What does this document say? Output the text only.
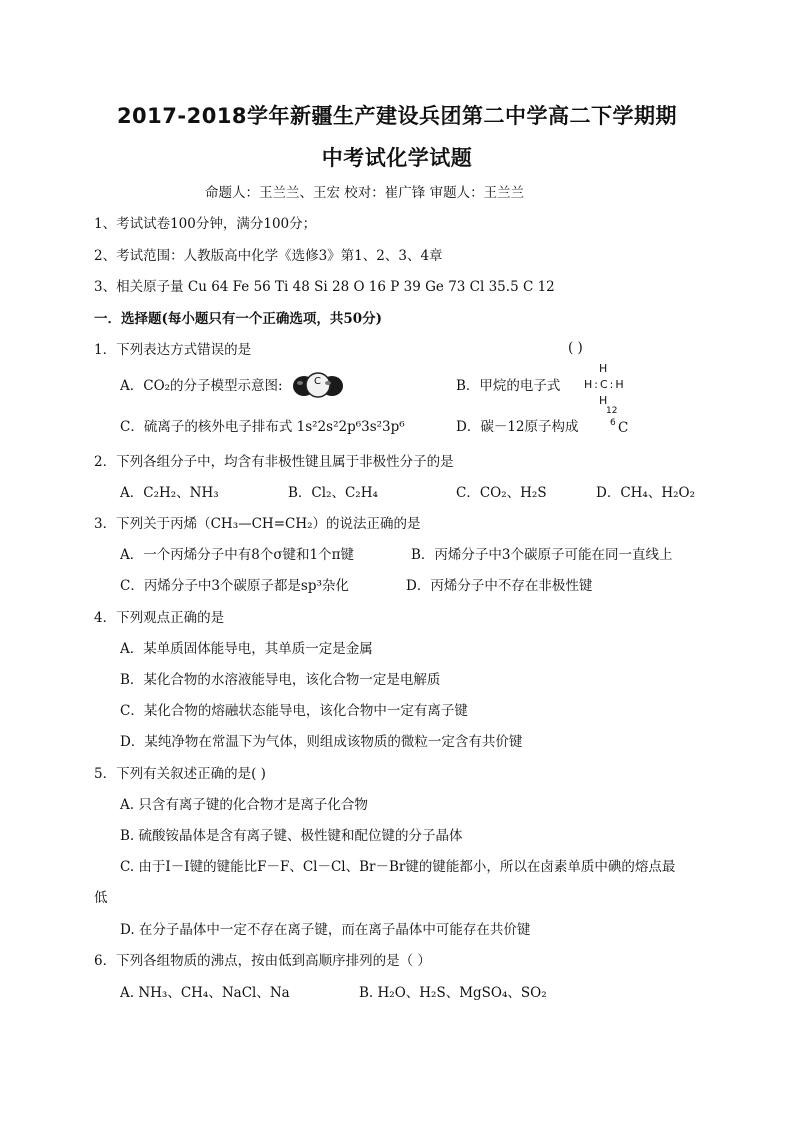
2017-2018学年新疆生产建设兵团第二中学高二下学期期
中考试化学试题
命题人：王兰兰、王宏 校对：崔广锋 审题人：王兰兰
1、考试试卷100分钟，满分100分；
2、考试范围：人教版高中化学《选修3》第1、2、3、4章
3、相关原子量 Cu 64 Fe 56 Ti 48 Si 28 O 16 P 39 Ge 73 Cl 35.5 C 12
一．选择题(每小题只有一个正确选项，共50分)
1．下列表达方式错误的是	( )
A．CO₂的分子模型示意图:	C	B．甲烷的电子式
H
H:C:H
H
C．硫离子的核外电子排布式 1s²2s²2p⁶3s²3p⁶	D．碳－12原子构成
12
6 C
2．下列各组分子中，均含有非极性键且属于非极性分子的是
A．C₂H₂、NH₃	B．Cl₂、C₂H₄	C．CO₂、H₂S	D．CH₄、H₂O₂
3．下列关于丙烯（CH₃—CH=CH₂）的说法正确的是
A．一个丙烯分子中有8个σ键和1个π键	B．丙烯分子中3个碳原子可能在同一直线上
C．丙烯分子中3个碳原子都是sp³杂化	D．丙烯分子中不存在非极性键
4．下列观点正确的是
A．某单质固体能导电，其单质一定是金属
B．某化合物的水溶液能导电，该化合物一定是电解质
C．某化合物的熔融状态能导电，该化合物中一定有离子键
D．某纯净物在常温下为气体，则组成该物质的微粒一定含有共价键
5．下列有关叙述正确的是( )
A. 只含有离子键的化合物才是离子化合物
B. 硫酸铵晶体是含有离子键、极性键和配位键的分子晶体
C. 由于I－I键的键能比F－F、Cl－Cl、Br－Br键的键能都小，所以在卤素单质中碘的熔点最
低
D. 在分子晶体中一定不存在离子键，而在离子晶体中可能存在共价键
6．下列各组物质的沸点，按由低到高顺序排列的是（ ）
A. NH₃、CH₄、NaCl、Na	B. H₂O、H₂S、MgSO₄、SO₂
